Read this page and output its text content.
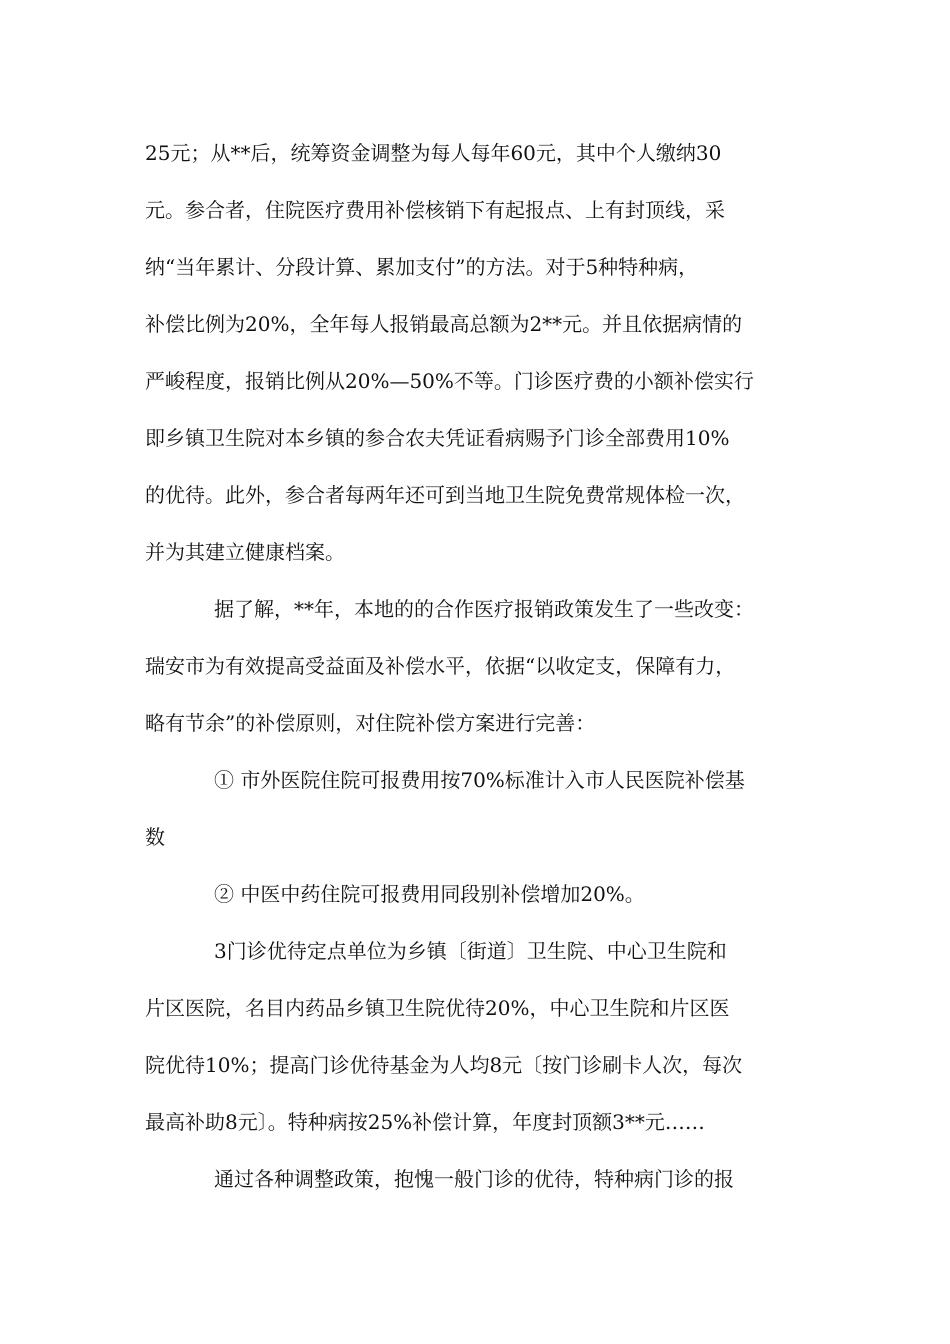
25元；从**后，统筹资金调整为每人每年60元，其中个人缴纳30
元。参合者，住院医疗费用补偿核销下有起报点、上有封顶线，采
纳“当年累计、分段计算、累加支付”的方法。对于5种特种病，
补偿比例为20%，全年每人报销最高总额为2**元。并且依据病情的
严峻程度，报销比例从20%—50%不等。门诊医疗费的小额补偿实行
即乡镇卫生院对本乡镇的参合农夫凭证看病赐予门诊全部费用10%
的优待。此外，参合者每两年还可到当地卫生院免费常规体检一次，
并为其建立健康档案。
据了解，**年，本地的的合作医疗报销政策发生了一些改变：
瑞安市为有效提高受益面及补偿水平，依据“以收定支，保障有力，
略有节余”的补偿原则，对住院补偿方案进行完善：
① 市外医院住院可报费用按70%标准计入市人民医院补偿基
数
② 中医中药住院可报费用同段别补偿增加20%。
3门诊优待定点单位为乡镇〔街道〕卫生院、中心卫生院和
片区医院，名目内药品乡镇卫生院优待20%，中心卫生院和片区医
院优待10%；提高门诊优待基金为人均8元〔按门诊刷卡人次，每次
最高补助8元〕。特种病按25%补偿计算，年度封顶额3**元……
通过各种调整政策，抱愧一般门诊的优待，特种病门诊的报
